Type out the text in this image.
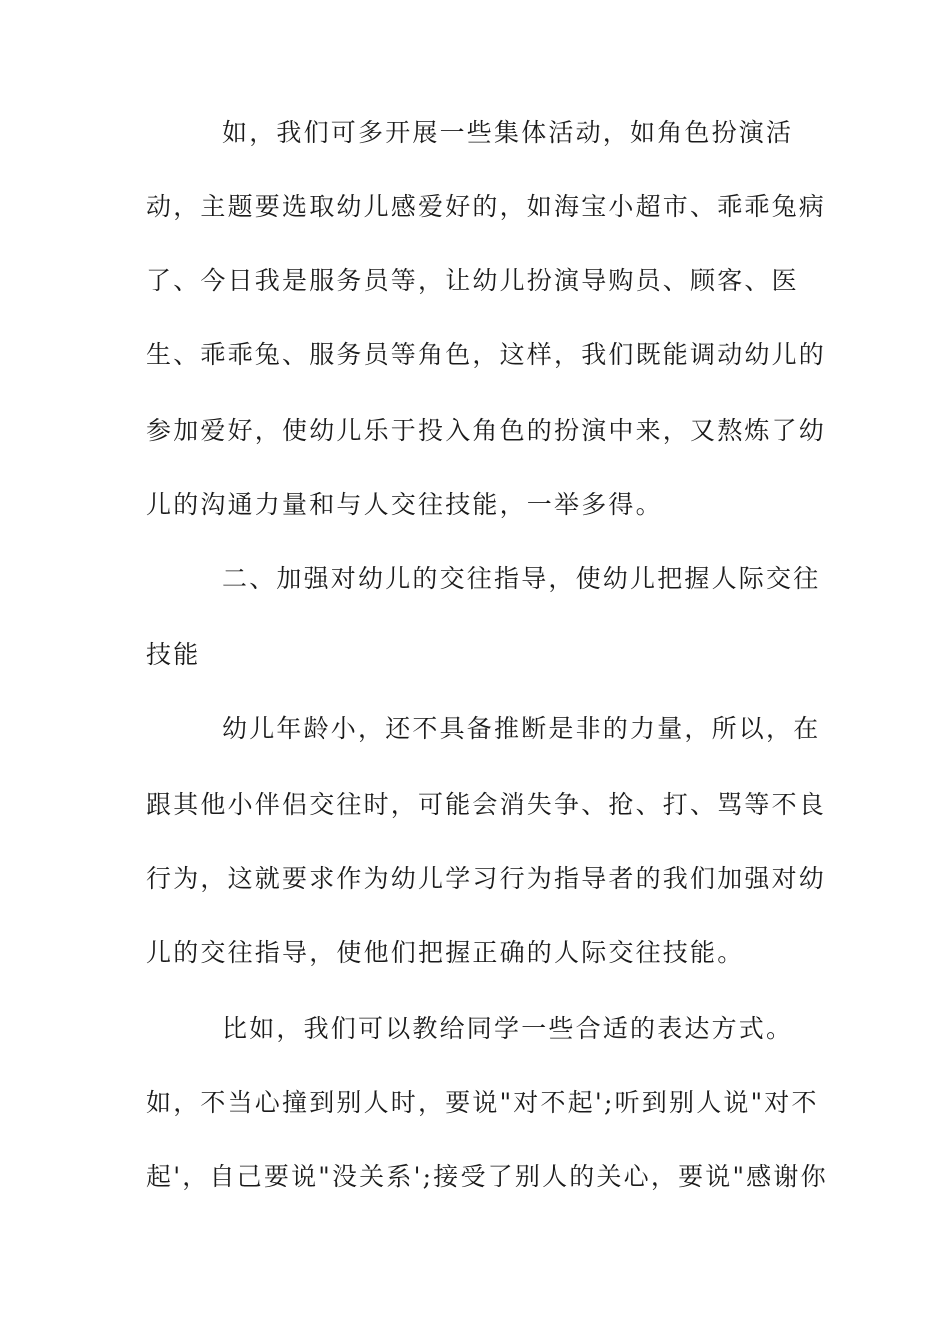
如，我们可多开展一些集体活动，如角色扮演活
动，主题要选取幼儿感爱好的，如海宝小超市、乖乖兔病
了、今日我是服务员等，让幼儿扮演导购员、顾客、医
生、乖乖兔、服务员等角色，这样，我们既能调动幼儿的
参加爱好，使幼儿乐于投入角色的扮演中来，又熬炼了幼
儿的沟通力量和与人交往技能，一举多得。
二、加强对幼儿的交往指导，使幼儿把握人际交往
技能
幼儿年龄小，还不具备推断是非的力量，所以，在
跟其他小伴侣交往时，可能会消失争、抢、打、骂等不良
行为，这就要求作为幼儿学习行为指导者的我们加强对幼
儿的交往指导，使他们把握正确的人际交往技能。
比如，我们可以教给同学一些合适的表达方式。
如，不当心撞到别人时，要说"对不起';听到别人说"对不
起'，自己要说"没关系';接受了别人的关心，要说"感谢你
